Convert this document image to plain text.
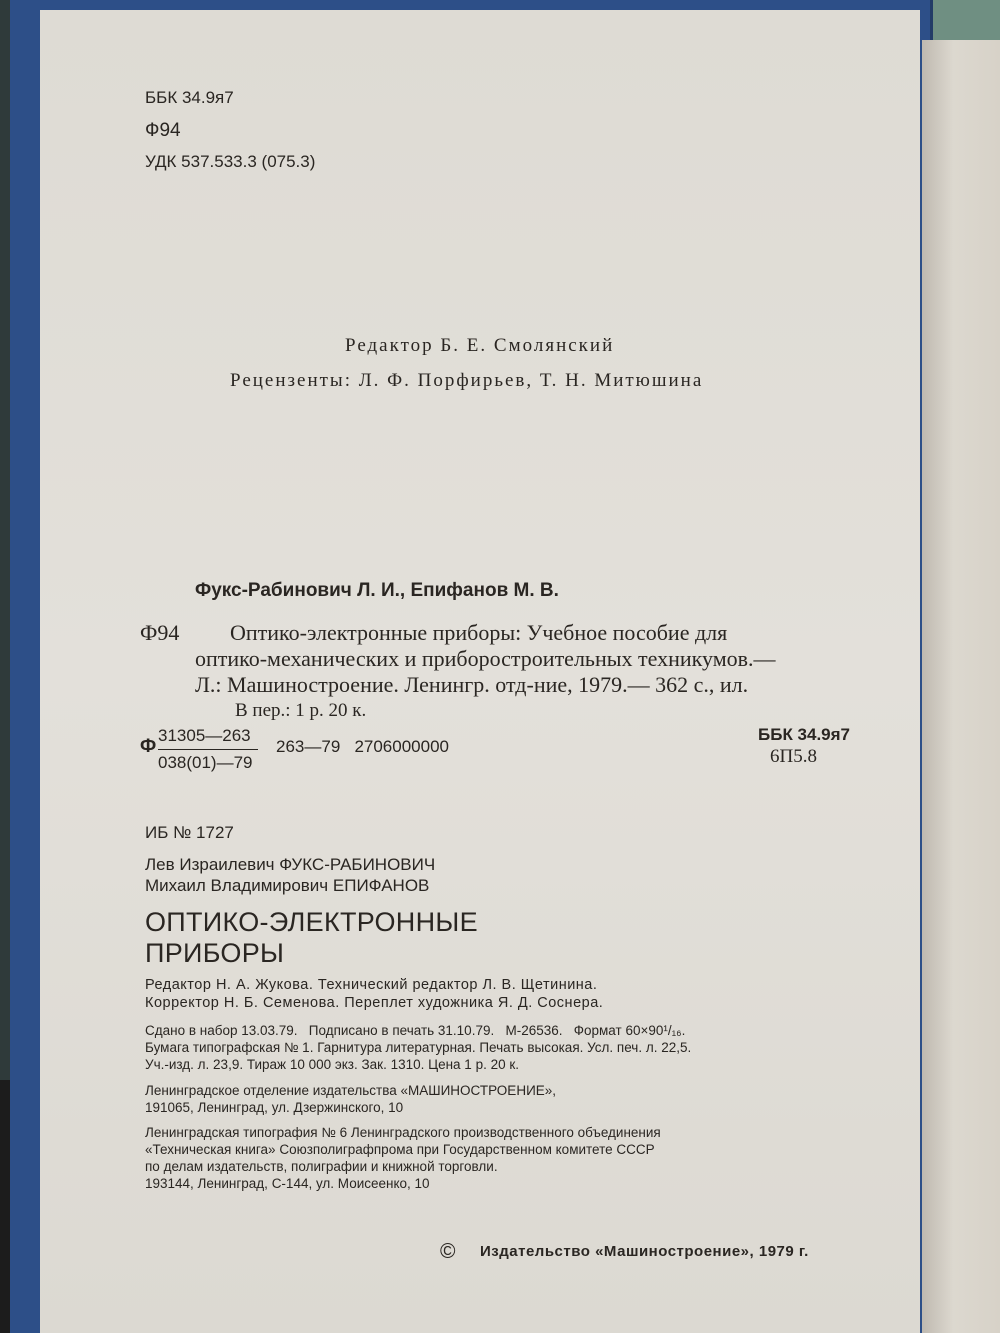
ББК 34.9я7
Ф94
УДК 537.533.3 (075.3)
Редактор Б. Е. Смолянский
Рецензенты: Л. Ф. Порфирьев, Т. Н. Митюшина
Фукс-Рабинович Л. И., Епифанов М. В.
Ф94 Оптико-электронные приборы: Учебное пособие для
оптико-механических и приборостроительных техникумов.—
Л.: Машиностроение. Ленингр. отд-ние, 1979.— 362 с., ил.
В пер.: 1 р. 20 к.
Ф
31305—263
038(01)—79
263—79   2706000000
ББК 34.9я7
6П5.8
ИБ № 1727
Лев Израилевич ФУКС-РАБИНОВИЧ
Михаил Владимирович ЕПИФАНОВ
ОПТИКО-ЭЛЕКТРОННЫЕ
ПРИБОРЫ
Редактор Н. А. Жукова. Технический редактор Л. В. Щетинина.
Корректор Н. Б. Семенова. Переплет художника Я. Д. Соснера.
Сдано в набор 13.03.79.   Подписано в печать 31.10.79.   М-26536.   Формат 60×90¹/₁₆.
Бумага типографская № 1. Гарнитура литературная. Печать высокая. Усл. печ. л. 22,5.
Уч.-изд. л. 23,9. Тираж 10 000 экз. Зак. 1310. Цена 1 р. 20 к.
Ленинградское отделение издательства «МАШИНОСТРОЕНИЕ»,
191065, Ленинград, ул. Дзержинского, 10
Ленинградская типография № 6 Ленинградского производственного объединения
«Техническая книга» Союзполиграфпрома при Государственном комитете СССР
по делам издательств, полиграфии и книжной торговли.
193144, Ленинград, С-144, ул. Моисеенко, 10
© Издательство «Машиностроение», 1979 г.
